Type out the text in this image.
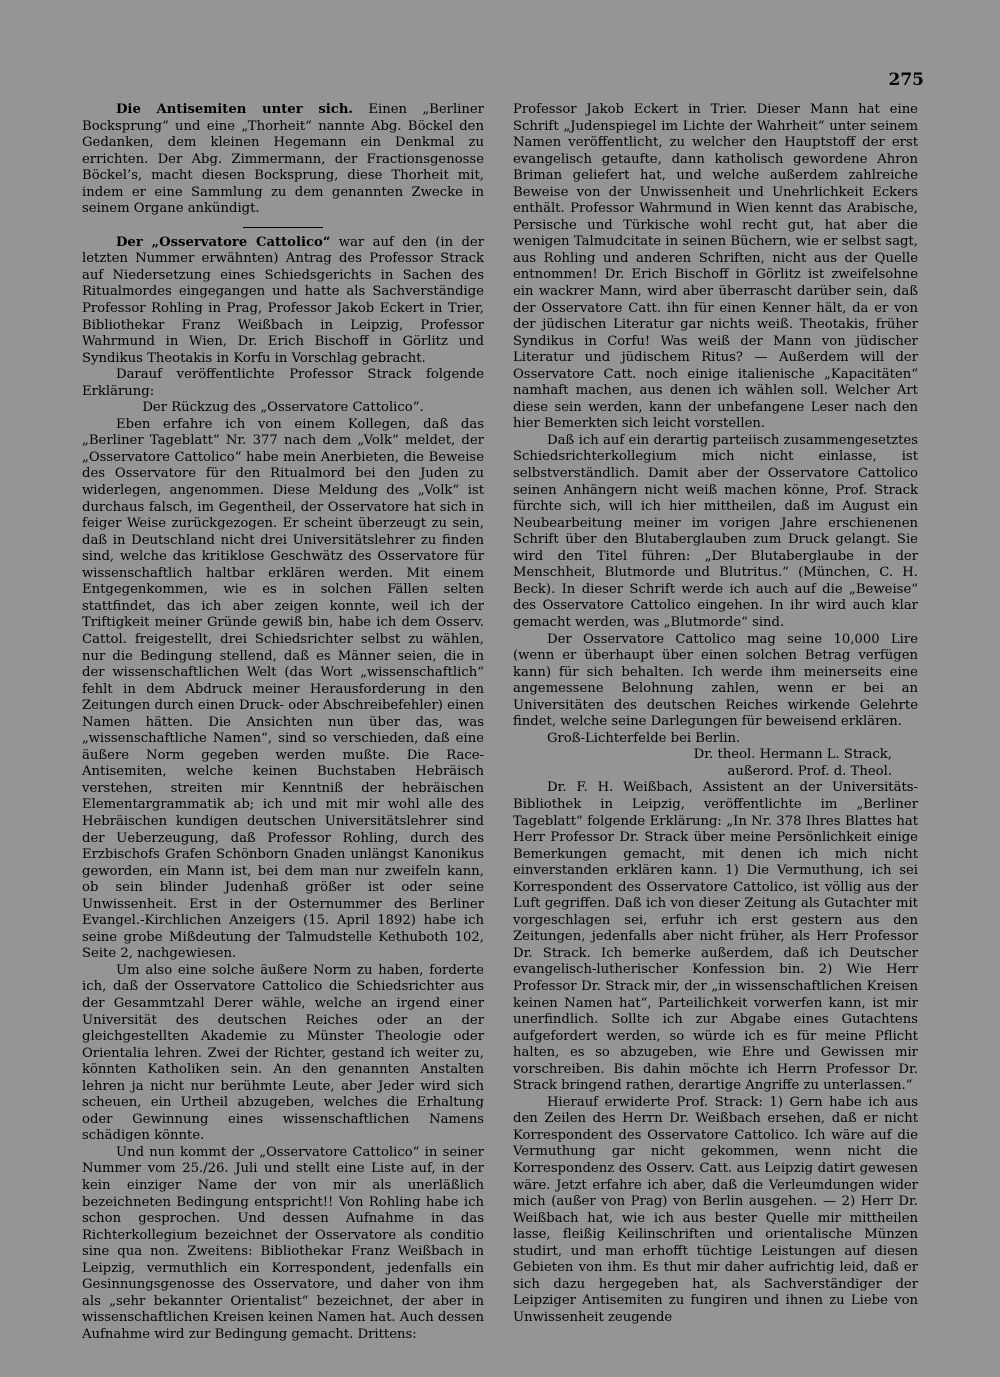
275

Die Antisemiten unter sich. Einen „Berliner Bocksprung“ und eine „Thorheit“ nannte Abg. Böckel den Gedanken, dem kleinen Hegemann ein Denkmal zu errichten. Der Abg. Zimmermann, der Fractionsgenosse Böckel’s, macht diesen Bocksprung, diese Thorheit mit, indem er eine Sammlung zu dem genannten Zwecke in seinem Organe ankündigt.

Der „Osservatore Cattolico“ war auf den (in der letzten Nummer erwähnten) Antrag des Professor Strack auf Niedersetzung eines Schiedsgerichts in Sachen des Ritualmordes eingegangen und hatte als Sachverständige Professor Rohling in Prag, Professor Jakob Eckert in Trier, Bibliothekar Franz Weißbach in Leipzig, Professor Wahrmund in Wien, Dr. Erich Bischoff in Görlitz und Syndikus Theotakis in Korfu in Vorschlag gebracht.

Darauf veröffentlichte Professor Strack folgende Erklärung:

Der Rückzug des „Osservatore Cattolico“.

Eben erfahre ich von einem Kollegen, daß das „Berliner Tageblatt“ Nr. 377 nach dem „Volk“ meldet, der „Osservatore Cattolico“ habe mein Anerbieten, die Beweise des Osservatore für den Ritualmord bei den Juden zu widerlegen, angenommen. Diese Meldung des „Volk“ ist durchaus falsch, im Gegentheil, der Osservatore hat sich in feiger Weise zurückgezogen. Er scheint überzeugt zu sein, daß in Deutschland nicht drei Universitätslehrer zu finden sind, welche das kritiklose Geschwätz des Osservatore für wissenschaftlich haltbar erklären werden. Mit einem Entgegenkommen, wie es in solchen Fällen selten stattfindet, das ich aber zeigen konnte, weil ich der Triftigkeit meiner Gründe gewiß bin, habe ich dem Osserv. Cattol. freigestellt, drei Schiedsrichter selbst zu wählen, nur die Bedingung stellend, daß es Männer seien, die in der wissenschaftlichen Welt (das Wort „wissenschaftlich“ fehlt in dem Abdruck meiner Herausforderung in den Zeitungen durch einen Druck- oder Abschreibefehler) einen Namen hätten. Die Ansichten nun über das, was „wissenschaftliche Namen“, sind so verschieden, daß eine äußere Norm gegeben werden mußte. Die Race-Antisemiten, welche keinen Buchstaben Hebräisch verstehen, streiten mir Kenntniß der hebräischen Elementargrammatik ab; ich und mit mir wohl alle des Hebräischen kundigen deutschen Universitätslehrer sind der Ueberzeugung, daß Professor Rohling, durch des Erzbischofs Grafen Schönborn Gnaden unlängst Kanonikus geworden, ein Mann ist, bei dem man nur zweifeln kann, ob sein blinder Judenhaß größer ist oder seine Unwissenheit. Erst in der Osternummer des Berliner Evangel.-Kirchlichen Anzeigers (15. April 1892) habe ich seine grobe Mißdeutung der Talmudstelle Kethuboth 102, Seite 2, nachgewiesen.

Um also eine solche äußere Norm zu haben, forderte ich, daß der Osservatore Cattolico die Schiedsrichter aus der Gesammtzahl Derer wähle, welche an irgend einer Universität des deutschen Reiches oder an der gleichgestellten Akademie zu Münster Theologie oder Orientalia lehren. Zwei der Richter, gestand ich weiter zu, könnten Katholiken sein. An den genannten Anstalten lehren ja nicht nur berühmte Leute, aber Jeder wird sich scheuen, ein Urtheil abzugeben, welches die Erhaltung oder Gewinnung eines wissenschaftlichen Namens schädigen könnte.

Und nun kommt der „Osservatore Cattolico“ in seiner Nummer vom 25./26. Juli und stellt eine Liste auf, in der kein einziger Name der von mir als unerläßlich bezeichneten Bedingung entspricht!! Von Rohling habe ich schon gesprochen. Und dessen Aufnahme in das Richterkollegium bezeichnet der Osservatore als conditio sine qua non. Zweitens: Bibliothekar Franz Weißbach in Leipzig, vermuthlich ein Korrespondent, jedenfalls ein Gesinnungsgenosse des Osservatore, und daher von ihm als „sehr bekannter Orientalist“ bezeichnet, der aber in wissenschaftlichen Kreisen keinen Namen hat. Auch dessen Aufnahme wird zur Bedingung gemacht. Drittens:

Professor Jakob Eckert in Trier. Dieser Mann hat eine Schrift „Judenspiegel im Lichte der Wahrheit“ unter seinem Namen veröffentlicht, zu welcher den Hauptstoff der erst evangelisch getaufte, dann katholisch gewordene Ahron Briman geliefert hat, und welche außerdem zahlreiche Beweise von der Unwissenheit und Unehrlichkeit Eckers enthält. Professor Wahrmund in Wien kennt das Arabische, Persische und Türkische wohl recht gut, hat aber die wenigen Talmudcitate in seinen Büchern, wie er selbst sagt, aus Rohling und anderen Schriften, nicht aus der Quelle entnommen! Dr. Erich Bischoff in Görlitz ist zweifelsohne ein wackrer Mann, wird aber überrascht darüber sein, daß der Osservatore Catt. ihn für einen Kenner hält, da er von der jüdischen Literatur gar nichts weiß. Theotakis, früher Syndikus in Corfu! Was weiß der Mann von jüdischer Literatur und jüdischem Ritus? — Außerdem will der Osservatore Catt. noch einige italienische „Kapacitäten“ namhaft machen, aus denen ich wählen soll. Welcher Art diese sein werden, kann der unbefangene Leser nach den hier Bemerkten sich leicht vorstellen.

Daß ich auf ein derartig parteiisch zusammengesetztes Schiedsrichterkollegium mich nicht einlasse, ist selbstverständlich. Damit aber der Osservatore Cattolico seinen Anhängern nicht weiß machen könne, Prof. Strack fürchte sich, will ich hier mittheilen, daß im August ein Neubearbeitung meiner im vorigen Jahre erschienenen Schrift über den Blutaberglauben zum Druck gelangt. Sie wird den Titel führen: „Der Blutaberglaube in der Menschheit, Blutmorde und Blutritus.“ (München, C. H. Beck). In dieser Schrift werde ich auch auf die „Beweise“ des Osservatore Cattolico eingehen. In ihr wird auch klar gemacht werden, was „Blutmorde“ sind.

Der Osservatore Cattolico mag seine 10,000 Lire (wenn er überhaupt über einen solchen Betrag verfügen kann) für sich behalten. Ich werde ihm meinerseits eine angemessene Belohnung zahlen, wenn er bei an Universitäten des deutschen Reiches wirkende Gelehrte findet, welche seine Darlegungen für beweisend erklären.

Groß-Lichterfelde bei Berlin.

Dr. theol. Hermann L. Strack,

außerord. Prof. d. Theol.

Dr. F. H. Weißbach, Assistent an der Universitäts-Bibliothek in Leipzig, veröffentlichte im „Berliner Tageblatt“ folgende Erklärung: „In Nr. 378 Ihres Blattes hat Herr Professor Dr. Strack über meine Persönlichkeit einige Bemerkungen gemacht, mit denen ich mich nicht einverstanden erklären kann. 1) Die Vermuthung, ich sei Korrespondent des Osservatore Cattolico, ist völlig aus der Luft gegriffen. Daß ich von dieser Zeitung als Gutachter mit vorgeschlagen sei, erfuhr ich erst gestern aus den Zeitungen, jedenfalls aber nicht früher, als Herr Professor Dr. Strack. Ich bemerke außerdem, daß ich Deutscher evangelisch-lutherischer Konfession bin. 2) Wie Herr Professor Dr. Strack mir, der „in wissenschaftlichen Kreisen keinen Namen hat“, Parteilichkeit vorwerfen kann, ist mir unerfindlich. Sollte ich zur Abgabe eines Gutachtens aufgefordert werden, so würde ich es für meine Pflicht halten, es so abzugeben, wie Ehre und Gewissen mir vorschreiben. Bis dahin möchte ich Herrn Professor Dr. Strack bringend rathen, derartige Angriffe zu unterlassen.“

Hierauf erwiderte Prof. Strack: 1) Gern habe ich aus den Zeilen des Herrn Dr. Weißbach ersehen, daß er nicht Korrespondent des Osservatore Cattolico. Ich wäre auf die Vermuthung gar nicht gekommen, wenn nicht die Korrespondenz des Osserv. Catt. aus Leipzig datirt gewesen wäre. Jetzt erfahre ich aber, daß die Verleumdungen wider mich (außer von Prag) von Berlin ausgehen. — 2) Herr Dr. Weißbach hat, wie ich aus bester Quelle mir mittheilen lasse, fleißig Keilinschriften und orientalische Münzen studirt, und man erhofft tüchtige Leistungen auf diesen Gebieten von ihm. Es thut mir daher aufrichtig leid, daß er sich dazu hergegeben hat, als Sachverständiger der Leipziger Antisemiten zu fungiren und ihnen zu Liebe von Unwissenheit zeugende
